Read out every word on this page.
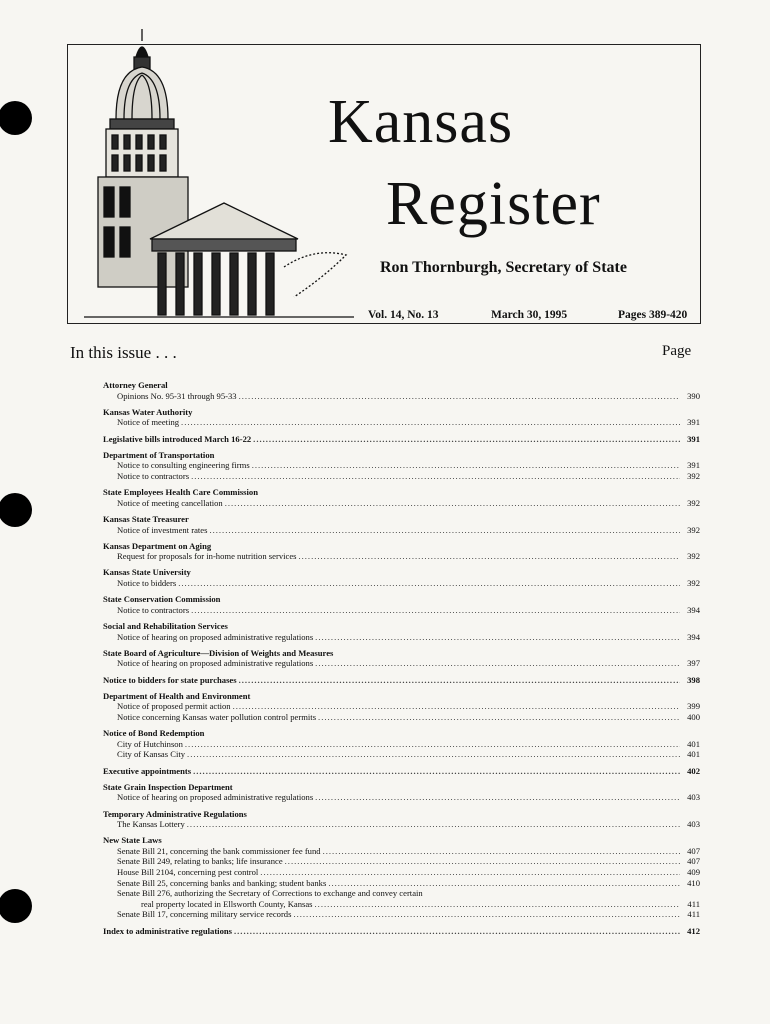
Kansas
Register
Ron Thornburgh, Secretary of State
Vol. 14, No. 13	March 30, 1995	Pages 389-420
In this issue . . .	Page
Attorney General
Opinions No. 95-31 through 95-33 .....	390
Kansas Water Authority
Notice of meeting .....	391
Legislative bills introduced March 16-22 .....	391
Department of Transportation
Notice to consulting engineering firms .....	391
Notice to contractors .....	392
State Employees Health Care Commission
Notice of meeting cancellation .....	392
Kansas State Treasurer
Notice of investment rates .....	392
Kansas Department on Aging
Request for proposals for in-home nutrition services .....	392
Kansas State University
Notice to bidders .....	392
State Conservation Commission
Notice to contractors .....	394
Social and Rehabilitation Services
Notice of hearing on proposed administrative regulations .....	394
State Board of Agriculture—Division of Weights and Measures
Notice of hearing on proposed administrative regulations .....	397
Notice to bidders for state purchases .....	398
Department of Health and Environment
Notice of proposed permit action .....	399
Notice concerning Kansas water pollution control permits .....	400
Notice of Bond Redemption
City of Hutchinson .....	401
City of Kansas City .....	401
Executive appointments .....	402
State Grain Inspection Department
Notice of hearing on proposed administrative regulations .....	403
Temporary Administrative Regulations
The Kansas Lottery .....	403
New State Laws
Senate Bill 21, concerning the bank commissioner fee fund .....	407
Senate Bill 249, relating to banks; life insurance .....	407
House Bill 2104, concerning pest control .....	409
Senate Bill 25, concerning banks and banking; student banks .....	410
Senate Bill 276, authorizing the Secretary of Corrections to exchange and convey certain
real property located in Ellsworth County, Kansas .....	411
Senate Bill 17, concerning military service records .....	411
Index to administrative regulations .....	412
